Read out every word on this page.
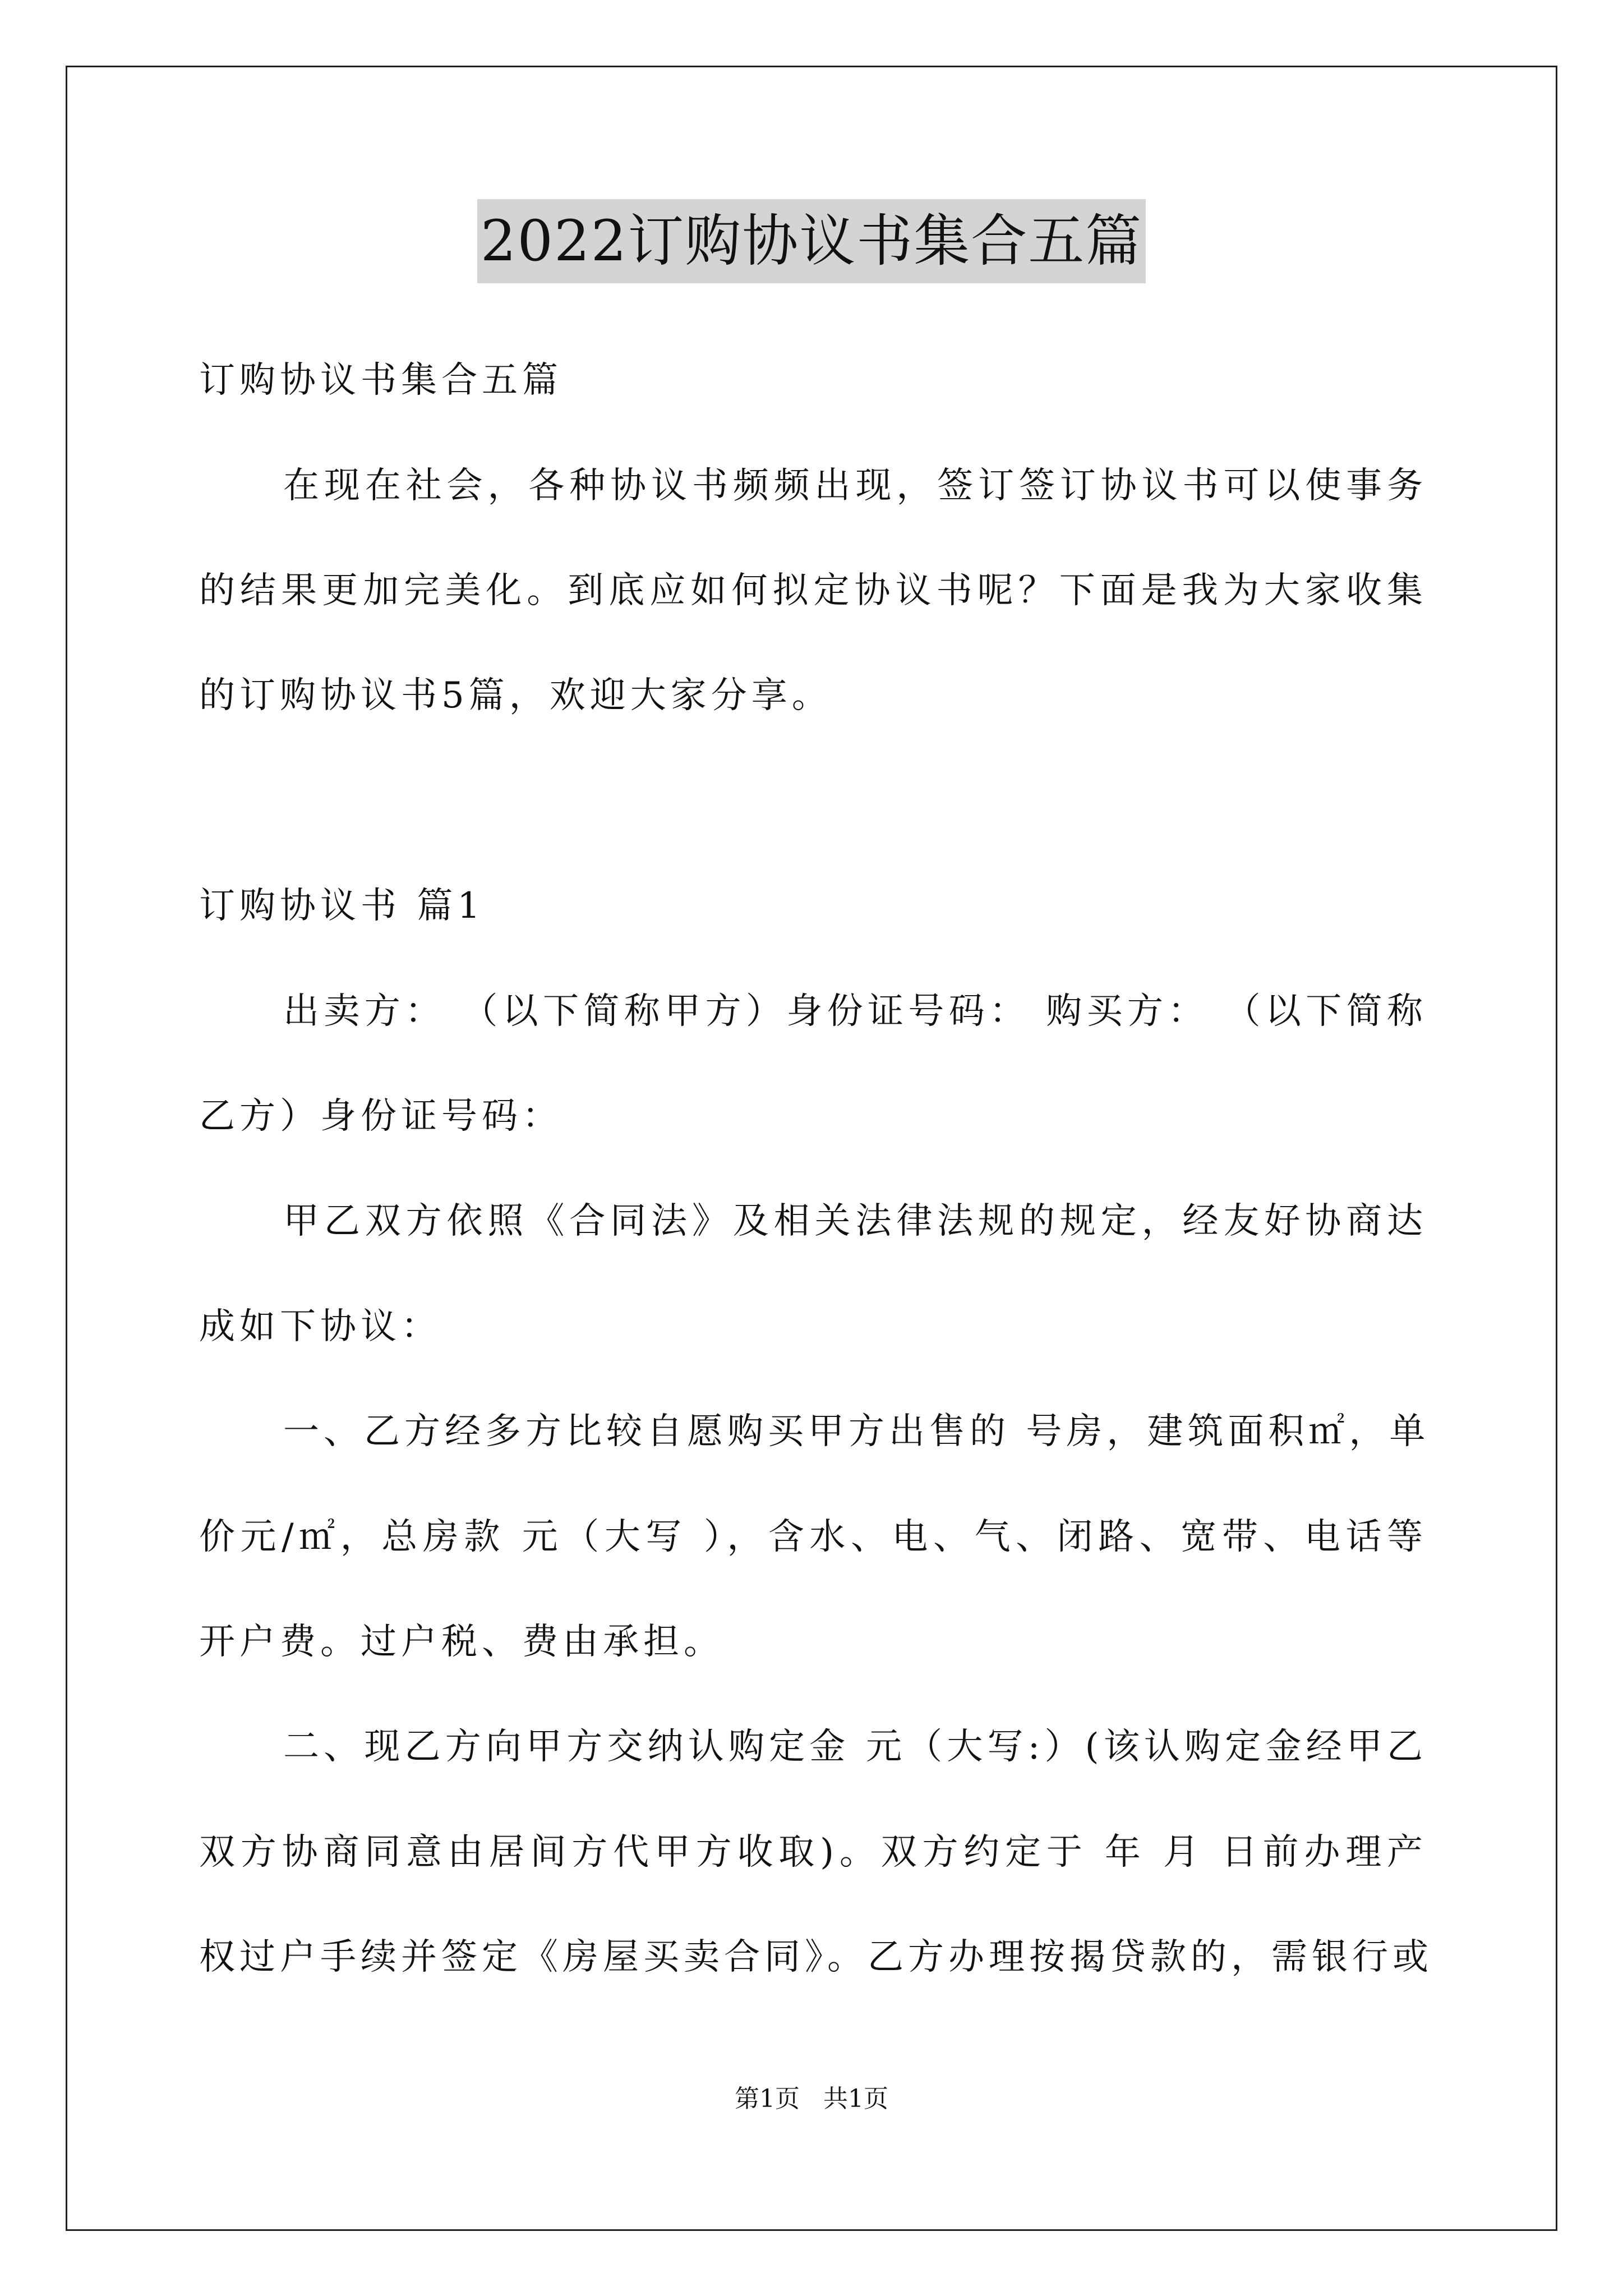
2022订购协议书集合五篇
订购协议书集合五篇
在现在社会，各种协议书频频出现，签订签订协议书可以使事务
的结果更加完美化。到底应如何拟定协议书呢？下面是我为大家收集
的订购协议书5篇，欢迎大家分享。
订购协议书 篇1
出卖方： （以下简称甲方）身份证号码： 购买方： （以下简称
乙方）身份证号码：
甲乙双方依照《合同法》及相关法律法规的规定，经友好协商达
成如下协议：
一、乙方经多方比较自愿购买甲方出售的 号房，建筑面积㎡，单
价元/㎡，总房款 元（大写 ），含水、电、气、闭路、宽带、电话等
开户费。过户税、费由承担。
二、现乙方向甲方交纳认购定金 元（大写:）(该认购定金经甲乙
双方协商同意由居间方代甲方收取)。双方约定于 年 月 日前办理产
权过户手续并签定《房屋买卖合同》。乙方办理按揭贷款的，需银行或
第1页 共1页
